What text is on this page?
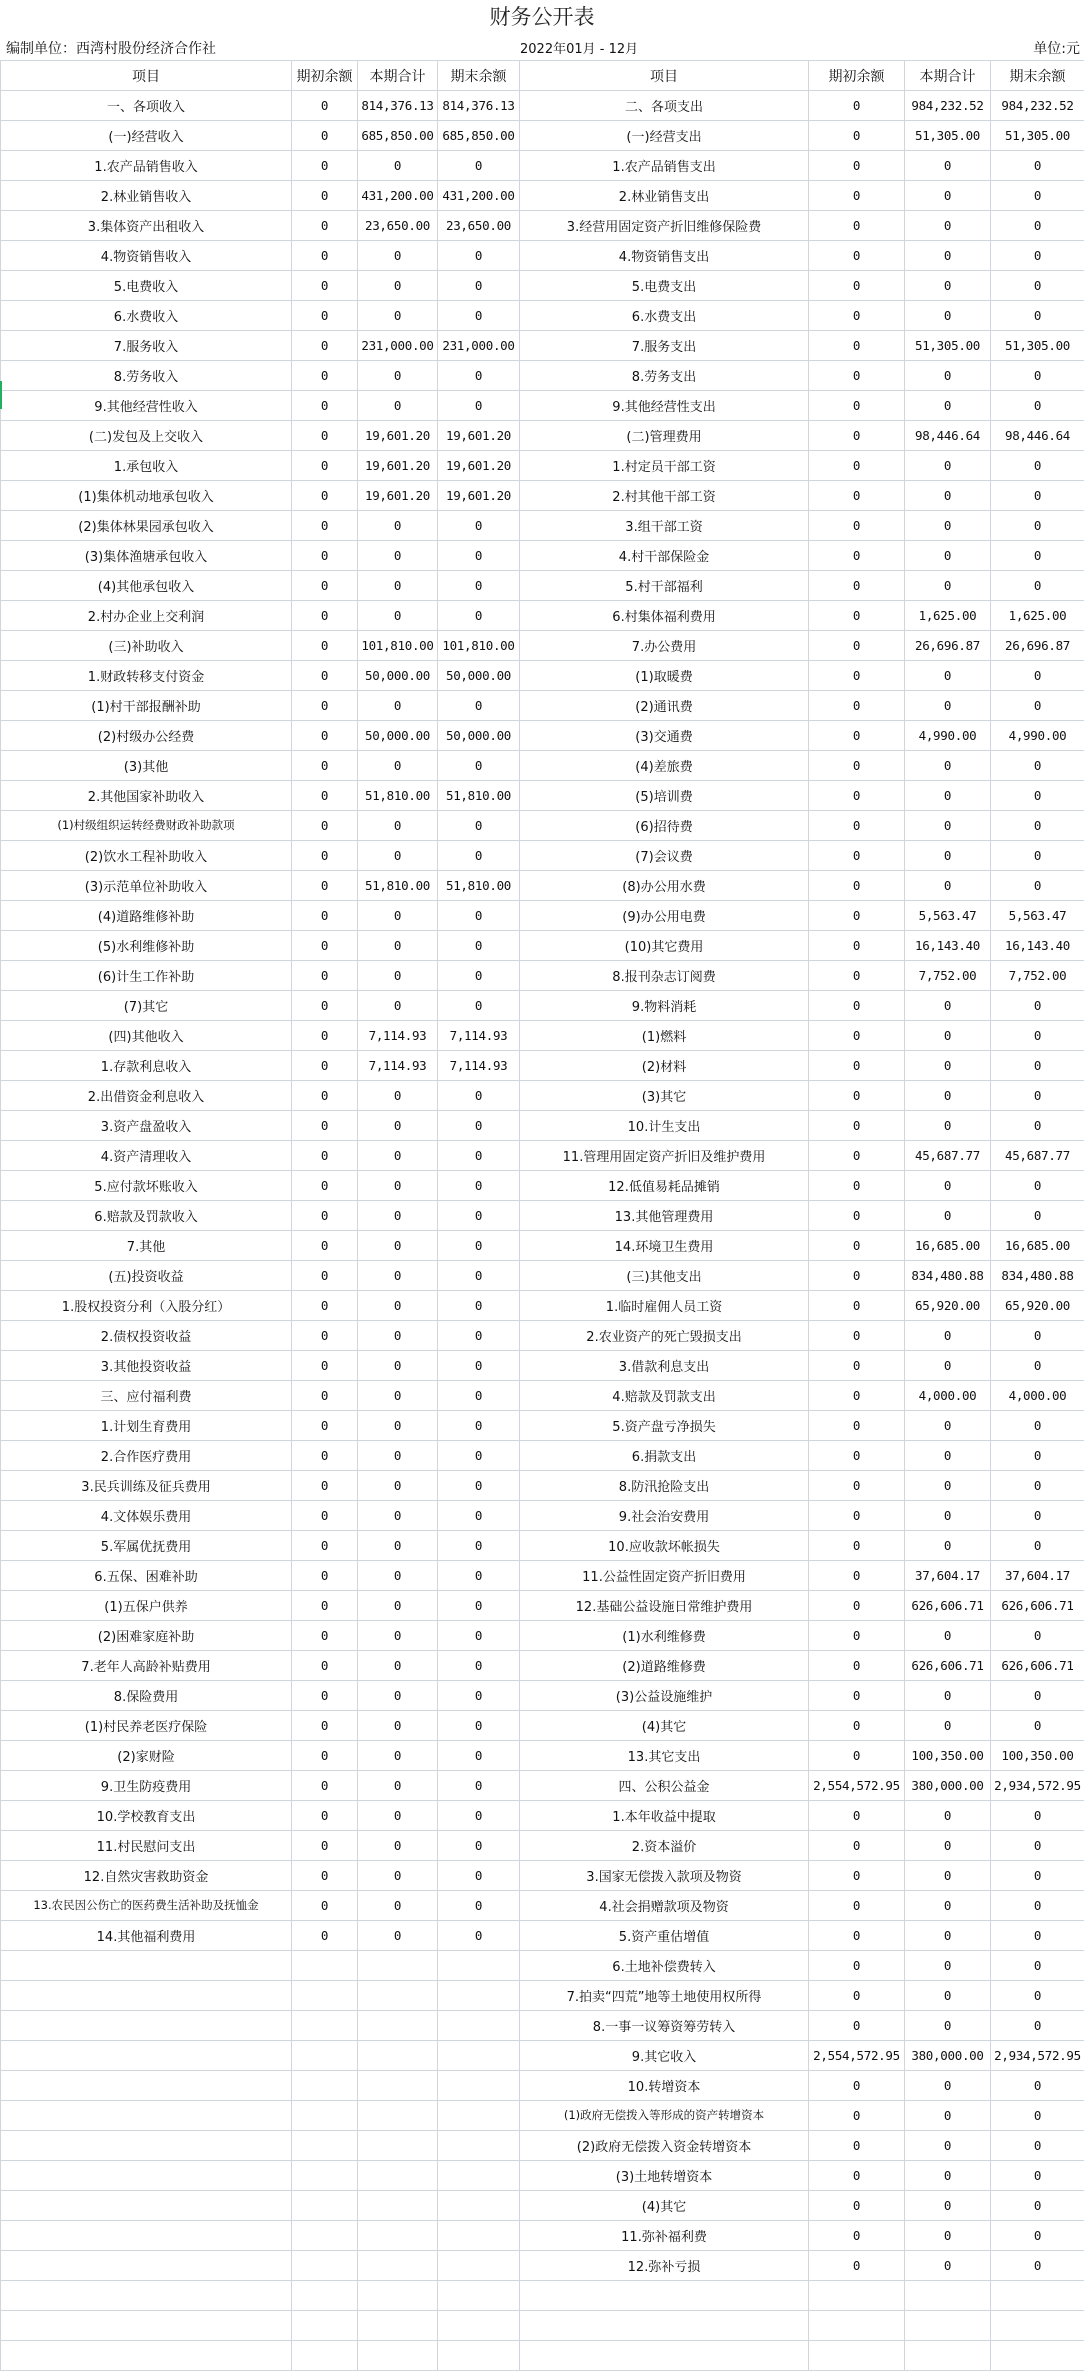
财务公开表
编制单位：西湾村股份经济合作社	2022年01月 - 12月	单位:元
项目	期初余额	本期合计	期末余额	项目	期初余额	本期合计	期末余额
一、各项收入	0	814,376.13	814,376.13	二、各项支出	0	984,232.52	984,232.52
(一)经营收入	0	685,850.00	685,850.00	(一)经营支出	0	51,305.00	51,305.00
1.农产品销售收入	0	0	0	1.农产品销售支出	0	0	0
2.林业销售收入	0	431,200.00	431,200.00	2.林业销售支出	0	0	0
3.集体资产出租收入	0	23,650.00	23,650.00	3.经营用固定资产折旧维修保险费	0	0	0
4.物资销售收入	0	0	0	4.物资销售支出	0	0	0
5.电费收入	0	0	0	5.电费支出	0	0	0
6.水费收入	0	0	0	6.水费支出	0	0	0
7.服务收入	0	231,000.00	231,000.00	7.服务支出	0	51,305.00	51,305.00
8.劳务收入	0	0	0	8.劳务支出	0	0	0
9.其他经营性收入	0	0	0	9.其他经营性支出	0	0	0
(二)发包及上交收入	0	19,601.20	19,601.20	(二)管理费用	0	98,446.64	98,446.64
1.承包收入	0	19,601.20	19,601.20	1.村定员干部工资	0	0	0
(1)集体机动地承包收入	0	19,601.20	19,601.20	2.村其他干部工资	0	0	0
(2)集体林果园承包收入	0	0	0	3.组干部工资	0	0	0
(3)集体渔塘承包收入	0	0	0	4.村干部保险金	0	0	0
(4)其他承包收入	0	0	0	5.村干部福利	0	0	0
2.村办企业上交利润	0	0	0	6.村集体福利费用	0	1,625.00	1,625.00
(三)补助收入	0	101,810.00	101,810.00	7.办公费用	0	26,696.87	26,696.87
1.财政转移支付资金	0	50,000.00	50,000.00	(1)取暖费	0	0	0
(1)村干部报酬补助	0	0	0	(2)通讯费	0	0	0
(2)村级办公经费	0	50,000.00	50,000.00	(3)交通费	0	4,990.00	4,990.00
(3)其他	0	0	0	(4)差旅费	0	0	0
2.其他国家补助收入	0	51,810.00	51,810.00	(5)培训费	0	0	0
(1)村级组织运转经费财政补助款项	0	0	0	(6)招待费	0	0	0
(2)饮水工程补助收入	0	0	0	(7)会议费	0	0	0
(3)示范单位补助收入	0	51,810.00	51,810.00	(8)办公用水费	0	0	0
(4)道路维修补助	0	0	0	(9)办公用电费	0	5,563.47	5,563.47
(5)水利维修补助	0	0	0	(10)其它费用	0	16,143.40	16,143.40
(6)计生工作补助	0	0	0	8.报刊杂志订阅费	0	7,752.00	7,752.00
(7)其它	0	0	0	9.物料消耗	0	0	0
(四)其他收入	0	7,114.93	7,114.93	(1)燃料	0	0	0
1.存款利息收入	0	7,114.93	7,114.93	(2)材料	0	0	0
2.出借资金利息收入	0	0	0	(3)其它	0	0	0
3.资产盘盈收入	0	0	0	10.计生支出	0	0	0
4.资产清理收入	0	0	0	11.管理用固定资产折旧及维护费用	0	45,687.77	45,687.77
5.应付款坏账收入	0	0	0	12.低值易耗品摊销	0	0	0
6.赔款及罚款收入	0	0	0	13.其他管理费用	0	0	0
7.其他	0	0	0	14.环境卫生费用	0	16,685.00	16,685.00
(五)投资收益	0	0	0	(三)其他支出	0	834,480.88	834,480.88
1.股权投资分利（入股分红）	0	0	0	1.临时雇佣人员工资	0	65,920.00	65,920.00
2.债权投资收益	0	0	0	2.农业资产的死亡毁损支出	0	0	0
3.其他投资收益	0	0	0	3.借款利息支出	0	0	0
三、应付福利费	0	0	0	4.赔款及罚款支出	0	4,000.00	4,000.00
1.计划生育费用	0	0	0	5.资产盘亏净损失	0	0	0
2.合作医疗费用	0	0	0	6.捐款支出	0	0	0
3.民兵训练及征兵费用	0	0	0	8.防汛抢险支出	0	0	0
4.文体娱乐费用	0	0	0	9.社会治安费用	0	0	0
5.军属优抚费用	0	0	0	10.应收款坏帐损失	0	0	0
6.五保、困难补助	0	0	0	11.公益性固定资产折旧费用	0	37,604.17	37,604.17
(1)五保户供养	0	0	0	12.基础公益设施日常维护费用	0	626,606.71	626,606.71
(2)困难家庭补助	0	0	0	(1)水利维修费	0	0	0
7.老年人高龄补贴费用	0	0	0	(2)道路维修费	0	626,606.71	626,606.71
8.保险费用	0	0	0	(3)公益设施维护	0	0	0
(1)村民养老医疗保险	0	0	0	(4)其它	0	0	0
(2)家财险	0	0	0	13.其它支出	0	100,350.00	100,350.00
9.卫生防疫费用	0	0	0	四、公积公益金	2,554,572.95	380,000.00	2,934,572.95
10.学校教育支出	0	0	0	1.本年收益中提取	0	0	0
11.村民慰问支出	0	0	0	2.资本溢价	0	0	0
12.自然灾害救助资金	0	0	0	3.国家无偿拨入款项及物资	0	0	0
13.农民因公伤亡的医药费生活补助及抚恤金	0	0	0	4.社会捐赠款项及物资	0	0	0
14.其他福利费用	0	0	0	5.资产重估增值	0	0	0
				6.土地补偿费转入	0	0	0
				7.拍卖“四荒”地等土地使用权所得	0	0	0
				8.一事一议筹资筹劳转入	0	0	0
				9.其它收入	2,554,572.95	380,000.00	2,934,572.95
				10.转增资本	0	0	0
				(1)政府无偿拨入等形成的资产转增资本	0	0	0
				(2)政府无偿拨入资金转增资本	0	0	0
				(3)土地转增资本	0	0	0
				(4)其它	0	0	0
				11.弥补福利费	0	0	0
				12.弥补亏损	0	0	0
